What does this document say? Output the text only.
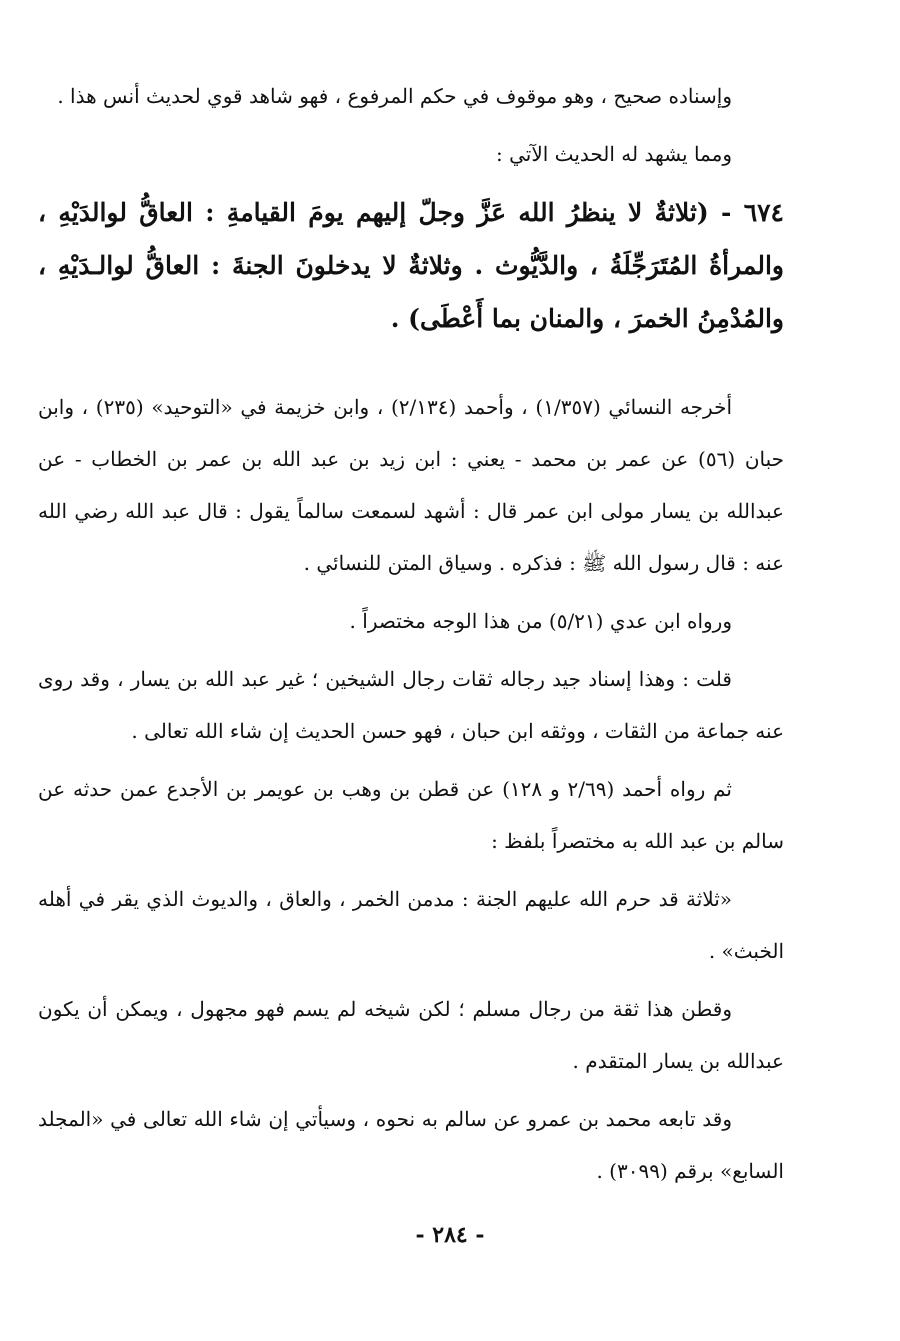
وإسناده صحيح ، وهو موقوف في حكم المرفوع ، فهو شاهد قوي لحديث أنس هذا .

ومما يشهد له الحديث الآتي :

٦٧٤ - (ثلاثةٌ لا ينظرُ الله عَزَّ وجلّ إليهم يومَ القيامةِ : العاقُّ لوالدَيْهِ ، والمرأةُ المُتَرَجِّلَةُ ، والدَّيُّوث . وثلاثةٌ لا يدخلونَ الجنةَ : العاقُّ لوالـدَيْهِ ، والمُدْمِنُ الخمرَ ، والمنان بما أَعْطَى) .

أخرجه النسائي (١/٣٥٧) ، وأحمد (٢/١٣٤) ، وابن خزيمة في «التوحيد» (٢٣٥) ، وابن حبان (٥٦) عن عمر بن محمد - يعني : ابن زيد بن عبد الله بن عمر بن الخطاب - عن عبدالله بن يسار مولى ابن عمر قال : أشهد لسمعت سالماً يقول : قال عبد الله رضي الله عنه : قال رسول الله ﷺ : فذكره . وسياق المتن للنسائي .

ورواه ابن عدي (٥/٢١) من هذا الوجه مختصراً .

قلت : وهذا إسناد جيد رجاله ثقات رجال الشيخين ؛ غير عبد الله بن يسار ، وقد روى عنه جماعة من الثقات ، ووثقه ابن حبان ، فهو حسن الحديث إن شاء الله تعالى .

ثم رواه أحمد (٢/٦٩ و ١٢٨) عن قطن بن وهب بن عويمر بن الأجدع عمن حدثه عن سالم بن عبد الله به مختصراً بلفظ :

«ثلاثة قد حرم الله عليهم الجنة : مدمن الخمر ، والعاق ، والديوث الذي يقر في أهله الخبث» .

وقطن هذا ثقة من رجال مسلم ؛ لكن شيخه لم يسم فهو مجهول ، ويمكن أن يكون عبدالله بن يسار المتقدم .

وقد تابعه محمد بن عمرو عن سالم به نحوه ، وسيأتي إن شاء الله تعالى في «المجلد السابع» برقم (٣٠٩٩) .

- ٢٨٤ -
